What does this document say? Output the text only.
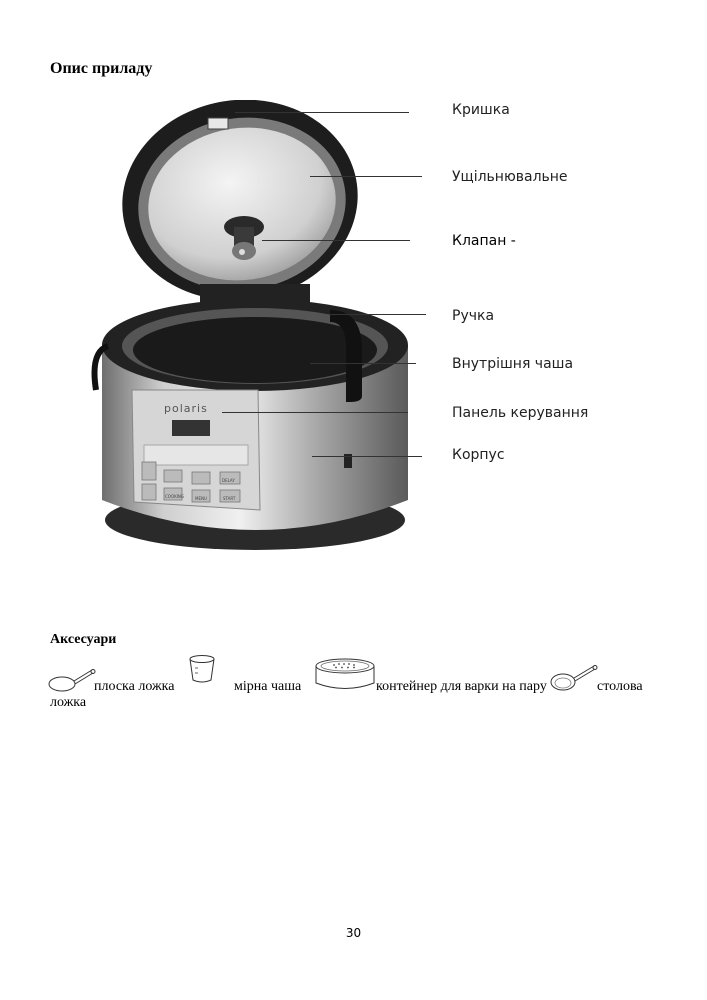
Опис приладу
polaris
MENU
COOKING
DELAY
START
Кришка
Ущільнювальне
Клапан -
Ручка
Внутрішня чаша
Панель керування
Корпус
Аксесуари
плоска ложка	мірна чаша	контейнер для варки на пару	столова
ложка
30
